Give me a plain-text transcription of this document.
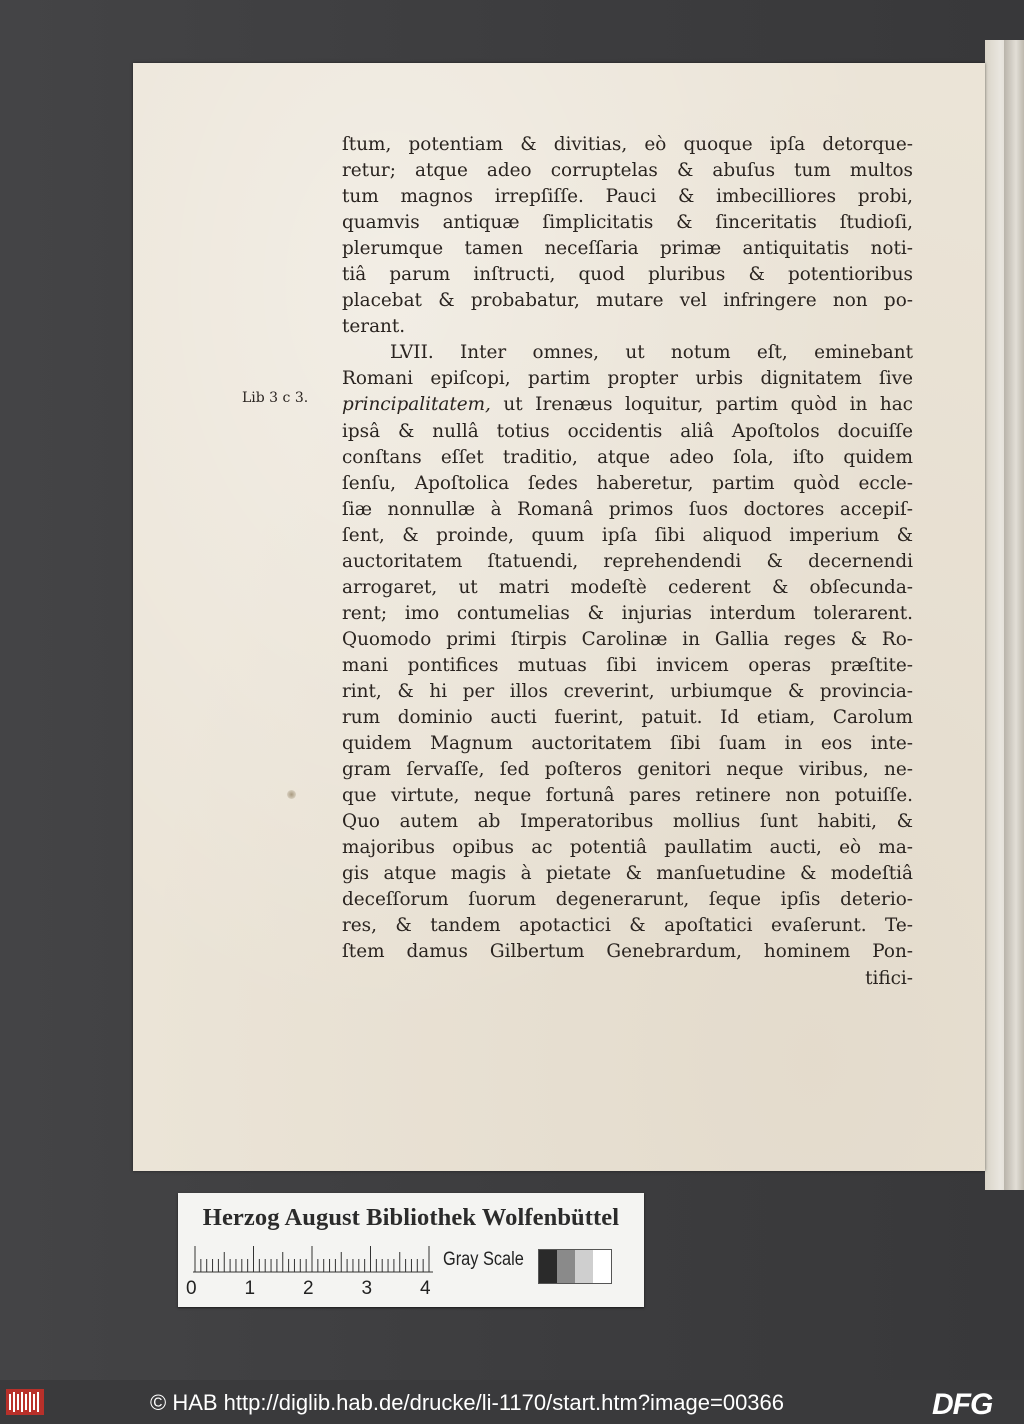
Lib 3 c 3.
ſtum, potentiam & divitias, eò quoque ipſa detorque-
retur; atque adeo corruptelas & abuſus tum multos
tum magnos irrepſiſſe. Pauci & imbecilliores probi,
quamvis antiquæ ſimplicitatis & ſinceritatis ſtudioſi,
plerumque tamen neceſſaria primæ antiquitatis noti-
tiâ parum inſtructi, quod pluribus & potentioribus
placebat & probabatur, mutare vel infringere non po-
terant.
LVII. Inter omnes, ut notum eſt, eminebant
Romani epiſcopi, partim propter urbis dignitatem ſive
principalitatem, ut Irenæus loquitur, partim quòd in hac
ipsâ & nullâ totius occidentis aliâ Apoſtolos docuiſſe
conſtans eſſet traditio, atque adeo ſola, iſto quidem
ſenſu, Apoſtolica ſedes haberetur, partim quòd eccle-
ſiæ nonnullæ à Romanâ primos ſuos doctores accepiſ-
ſent, & proinde, quum ipſa ſibi aliquod imperium &
auctoritatem ſtatuendi, reprehendendi & decernendi
arrogaret, ut matri modeſtè cederent & obſecunda-
rent; imo contumelias & injurias interdum tolerarent.
Quomodo primi ſtirpis Carolinæ in Gallia reges & Ro-
mani pontifices mutuas ſibi invicem operas præſtite-
rint, & hi per illos creverint, urbiumque & provincia-
rum dominio aucti fuerint, patuit. Id etiam, Carolum
quidem Magnum auctoritatem ſibi ſuam in eos inte-
gram ſervaſſe, ſed poſteros genitori neque viribus, ne-
que virtute, neque fortunâ pares retinere non potuiſſe.
Quo autem ab Imperatoribus mollius ſunt habiti, &
majoribus opibus ac potentiâ paullatim aucti, eò ma-
gis atque magis à pietate & manſuetudine & modeſtiâ
deceſſorum ſuorum degenerarunt, ſeque ipſis deterio-
res, & tandem apotactici & apoſtatici evaſerunt. Te-
ſtem damus Gilbertum Genebrardum, hominem Pon-
tifici-
Herzog August Bibliothek Wolfenbüttel
0	1	2	3	4
Gray Scale
© HAB http://diglib.hab.de/drucke/li-1170/start.htm?image=00366	DFG
